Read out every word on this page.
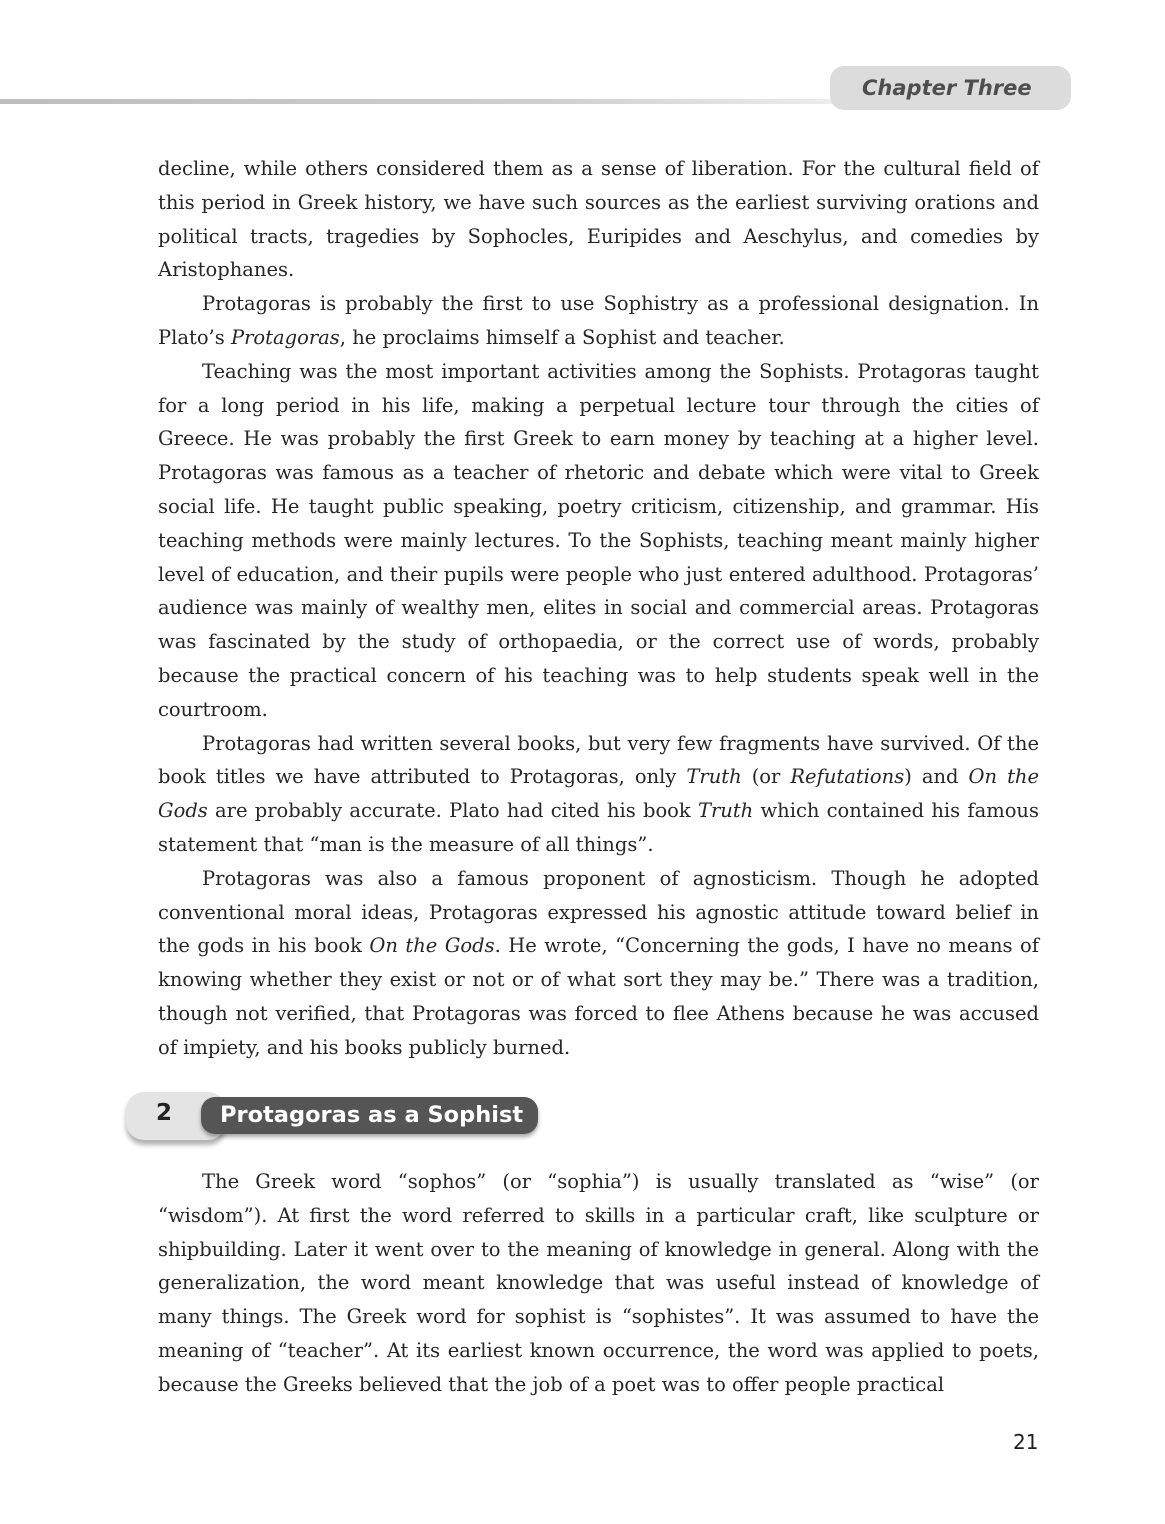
Chapter Three

decline, while others considered them as a sense of liberation. For the cultural field of this period in Greek history, we have such sources as the earliest surviving orations and political tracts, tragedies by Sophocles, Euripides and Aeschylus, and comedies by Aristophanes.

Protagoras is probably the first to use Sophistry as a professional designation. In Plato’s Protagoras, he proclaims himself a Sophist and teacher.

Teaching was the most important activities among the Sophists. Protagoras taught for a long period in his life, making a perpetual lecture tour through the cities of Greece. He was probably the first Greek to earn money by teaching at a higher level. Protagoras was famous as a teacher of rhetoric and debate which were vital to Greek social life. He taught public speaking, poetry criticism, citizenship, and grammar. His teaching methods were mainly lectures. To the Sophists, teaching meant mainly higher level of education, and their pupils were people who just entered adulthood. Protagoras’ audience was mainly of wealthy men, elites in social and commercial areas. Protagoras was fascinated by the study of orthopaedia, or the correct use of words, probably because the practical concern of his teaching was to help students speak well in the courtroom.

Protagoras had written several books, but very few fragments have survived. Of the book titles we have attributed to Protagoras, only Truth (or Refutations) and On the Gods are probably accurate. Plato had cited his book Truth which contained his famous statement that “man is the measure of all things”.

Protagoras was also a famous proponent of agnosticism. Though he adopted conventional moral ideas, Protagoras expressed his agnostic attitude toward belief in the gods in his book On the Gods. He wrote, “Concerning the gods, I have no means of knowing whether they exist or not or of what sort they may be.” There was a tradition, though not verified, that Protagoras was forced to flee Athens because he was accused of impiety, and his books publicly burned.

2	Protagoras as a Sophist

The Greek word “sophos” (or “sophia”) is usually translated as “wise” (or “wisdom”). At first the word referred to skills in a particular craft, like sculpture or shipbuilding. Later it went over to the meaning of knowledge in general. Along with the generalization, the word meant knowledge that was useful instead of knowledge of many things. The Greek word for sophist is “sophistes”. It was assumed to have the meaning of “teacher”. At its earliest known occurrence, the word was applied to poets, because the Greeks believed that the job of a poet was to offer people practical

21
